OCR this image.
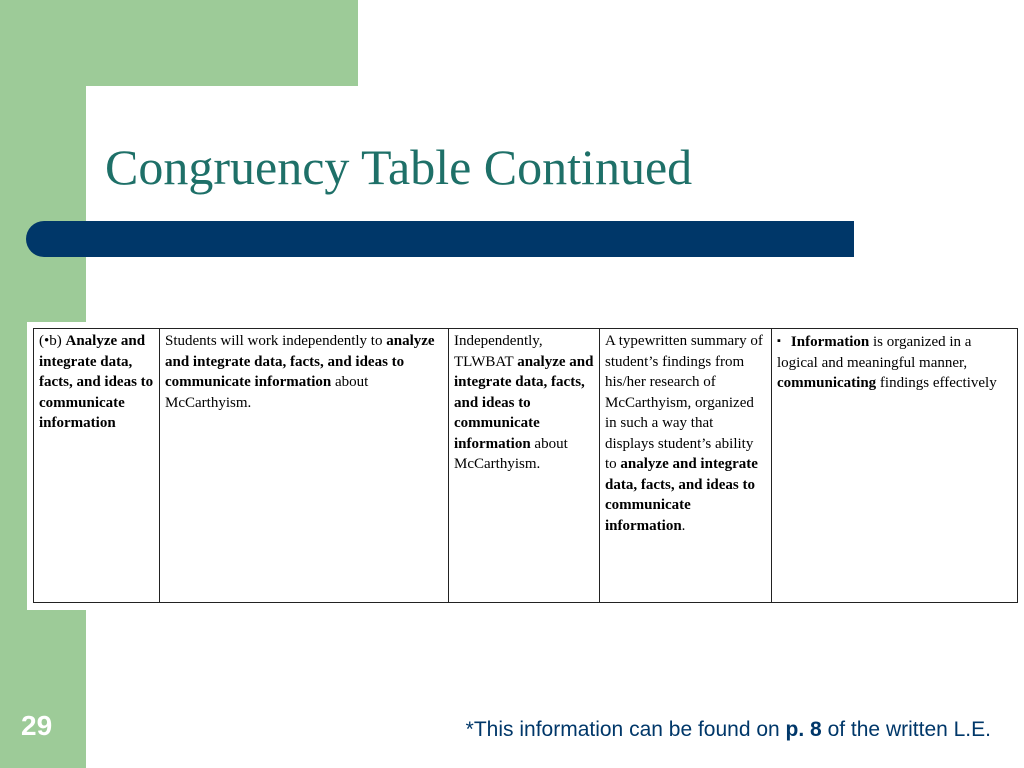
Congruency Table Continued
(•b) Analyze and integrate data, facts, and ideas to communicate information	Students will work independently to analyze and integrate data, facts, and ideas to communicate information about McCarthyism.	Independently, TLWBAT analyze and integrate data, facts, and ideas to communicate information about McCarthyism.	A typewritten summary of student’s findings from his/her research of McCarthyism, organized in such a way that displays student’s ability to analyze and integrate data, facts, and ideas to communicate information.	▪ Information is organized in a logical and meaningful manner, communicating findings effectively
29	*This information can be found on p. 8 of the written L.E.
